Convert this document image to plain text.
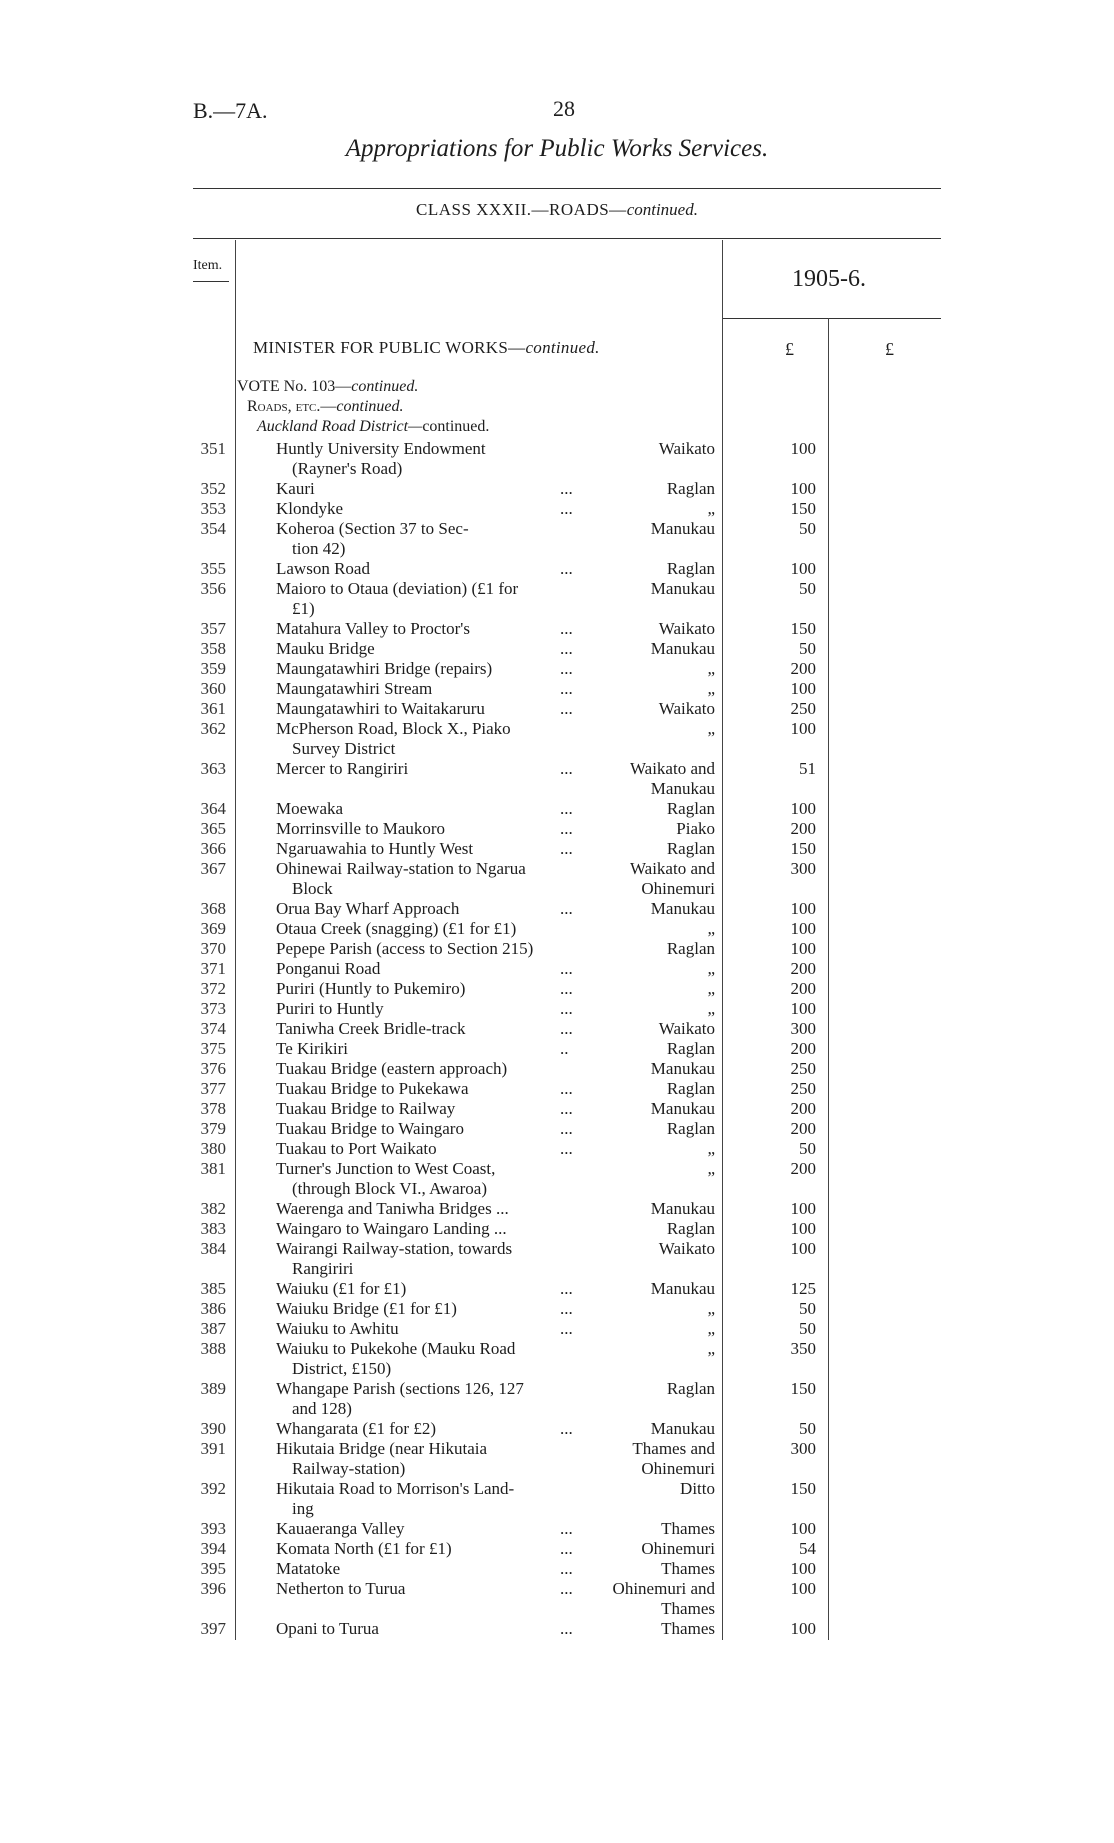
B.—7A.	28
Appropriations for Public Works Services.
CLASS XXXII.—ROADS—continued.
Item.
1905-6.
£	£
MINISTER FOR PUBLIC WORKS—continued.
VOTE No. 103—continued.
Roads, etc.—continued.
Auckland Road District—continued.
351	Huntly University Endowment	Waikato	100
(Rayner's Road)
352	Kauri	...	Raglan	100
353	Klondyke	...	„	150
354	Koheroa (Section 37 to Sec-	Manukau	50
tion 42)
355	Lawson Road	...	Raglan	100
356	Maioro to Otaua (deviation) (£1 for	Manukau	50
£1)
357	Matahura Valley to Proctor's	...	Waikato	150
358	Mauku Bridge	...	Manukau	50
359	Maungatawhiri Bridge (repairs)	...	„	200
360	Maungatawhiri Stream	...	„	100
361	Maungatawhiri to Waitakaruru	...	Waikato	250
362	McPherson Road, Block X., Piako	„	100
Survey District
363	Mercer to Rangiriri	...	Waikato and	51
Manukau
364	Moewaka	...	Raglan	100
365	Morrinsville to Maukoro	...	Piako	200
366	Ngaruawahia to Huntly West	...	Raglan	150
367	Ohinewai Railway-station to Ngarua	Waikato and	300
Block	Ohinemuri
368	Orua Bay Wharf Approach	...	Manukau	100
369	Otaua Creek (snagging) (£1 for £1)	„	100
370	Pepepe Parish (access to Section 215)	Raglan	100
371	Ponganui Road	...	„	200
372	Puriri (Huntly to Pukemiro)	...	„	200
373	Puriri to Huntly	...	„	100
374	Taniwha Creek Bridle-track	...	Waikato	300
375	Te Kirikiri	..	Raglan	200
376	Tuakau Bridge (eastern approach)	Manukau	250
377	Tuakau Bridge to Pukekawa	...	Raglan	250
378	Tuakau Bridge to Railway	...	Manukau	200
379	Tuakau Bridge to Waingaro	...	Raglan	200
380	Tuakau to Port Waikato	...	„	50
381	Turner's Junction to West Coast,	„	200
(through Block VI., Awaroa)
382	Waerenga and Taniwha Bridges ...	Manukau	100
383	Waingaro to Waingaro Landing ...	Raglan	100
384	Wairangi Railway-station, towards	Waikato	100
Rangiriri
385	Waiuku (£1 for £1)	...	Manukau	125
386	Waiuku Bridge (£1 for £1)	...	„	50
387	Waiuku to Awhitu	...	„	50
388	Waiuku to Pukekohe (Mauku Road	„	350
District, £150)
389	Whangape Parish (sections 126, 127	Raglan	150
and 128)
390	Whangarata (£1 for £2)	...	Manukau	50
391	Hikutaia Bridge (near Hikutaia	Thames and	300
Railway-station)	Ohinemuri
392	Hikutaia Road to Morrison's Land-	Ditto	150
ing
393	Kauaeranga Valley	...	Thames	100
394	Komata North (£1 for £1)	...	Ohinemuri	54
395	Matatoke	...	Thames	100
396	Netherton to Turua	...	Ohinemuri and	100
Thames
397	Opani to Turua	...	Thames	100
